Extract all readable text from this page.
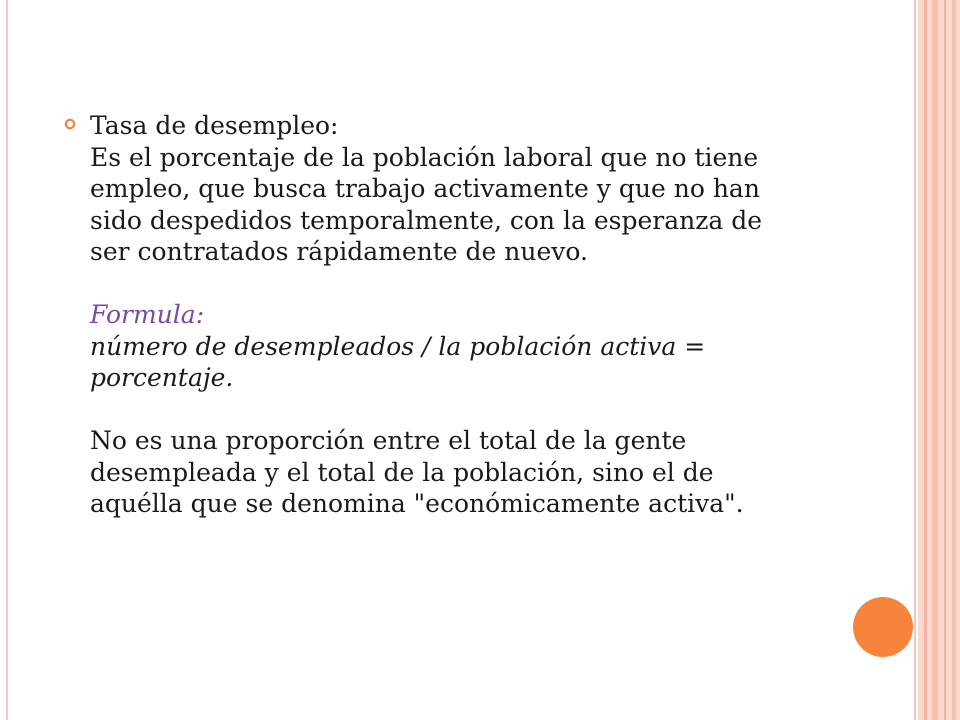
Tasa de desempleo:

Es el porcentaje de la población laboral que no tiene

empleo, que busca trabajo activamente y que no han

sido despedidos temporalmente, con la esperanza de

ser contratados rápidamente de nuevo.

Formula:

número de desempleados / la población activa =

porcentaje.

No es una proporción entre el total de la gente

desempleada y el total de la población, sino el de

aquélla que se denomina "económicamente activa".
